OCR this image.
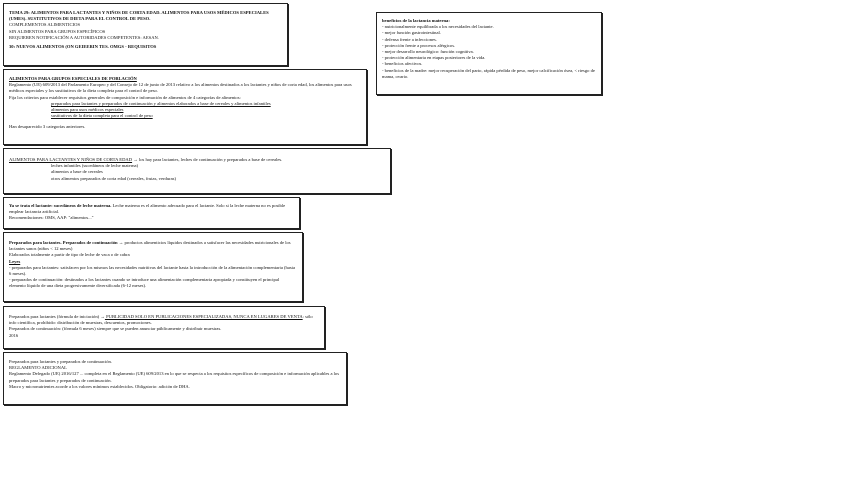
TEMA 29: ALIMENTOS PARA LACTANTES Y NIÑOS DE CORTA EDAD. ALIMENTOS PARA USOS MÉDICOS ESPECIALES (UMES). SUSTITUTIVOS DE DIETA PARA EL CONTROL DE PESO.

COMPLEMENTOS ALIMENTICIOS

SIN ALIMENTOS PARA GRUPOS ESPECÍFICOS

REQUIEREN NOTIFICACIÓN A AUTORIDADES COMPETENTES: AESAN.

30: NUEVOS ALIMENTOS (ON GEIEERIN TES. OMGS - REQUISITOS

ALIMENTOS PARA GRUPOS ESPECIALES DE POBLACIÓN

Reglamento (UE) 609/2013 del Parlamento Europeo y del Consejo de 12 de junio de 2013 relativo a los alimentos destinados a los lactantes y niños de corta edad, los alimentos para usos médicos especiales y los sustitutivos de la dieta completa para el control de peso.

Fija los criterios para establecer requisitos generales de composición e información de alimentos de 4 categorías de alimentos:

preparados para lactantes y preparados de continuación y alimentos elaborados a base de cereales y alimentos infantiles
alimentos para usos médicos especiales
sustitutivos de la dieta completa para el control de peso

Han desaparecido 3 categorías anteriores.

ALIMENTOS PARA LACTANTES Y NIÑOS DE CORTA EDAD → los hay para lactantes, leches de continuación y preparados a base de cereales.

leches infantiles (sucedáneos de leche materna)
alimentos a base de cereales
otros alimentos preparados de corta edad (cereales, frutas, verduras)

Ya se trata el lactante: sucedáneos de leche materna. Leche materna es el alimento adecuado para el lactante. Solo si la leche materna no es posible emplear lactancia artificial.

Recomendaciones: OMS, AAP: "alimentos..."

Preparados para lactantes. Preparados de continuación → productos alimenticios líquidos destinados a satisfacer las necesidades nutricionales de los lactantes sanos (niños < 12 meses)

Elaborados totalmente a partir de tipo de leche de vaca o de cabra

Leyes

- preparados para lactantes: satisfacen por los mismos las necesidades nutritivas del lactante hasta la introducción de la alimentación complementaria (hasta 6 meses).

- preparados de continuación: destinados a los lactantes cuando se introduce una alimentación complementaria apropiada y constituyen el principal elemento líquido de una dieta progresivamente diversificada (6-12 meses).

Preparados para lactantes (fórmula de iniciación) → PUBLICIDAD SOLO EN PUBLICACIONES ESPECIALIZADAS, NUNCA EN LUGARES DE VENTA: sólo info científica, prohibido: distribución de muestras, descuentos, promociones.

Preparados de continuación: (fórmula 6 meses) siempre que se pueden anunciar públicamente y distribuir muestras.

2016

Preparados para lactantes y preparados de continuación.

REGLAMENTO ADICIONAL

Reglamento Delegado (UE) 2016/127 ... completa en el Reglamento (UE) 609/2013 en lo que se respecta a los requisitos específicos de composición e información aplicables a los preparados para lactantes y preparados de continuación.

Macro y micronutrientes acorde a los valores mínimos establecidos. Obligatorio: adición de DHA.

beneficios de la lactancia materna:

- nutricionalmente equilibrada a los necesidades del lactante.
- mejor función gastrointestinal.
- defensa frente a infecciones.
- protección frente a procesos alérgicos.
- mejor desarrollo neurológico: función cognitiva.
- protección alimentaria en etapas posteriores de la vida.
- beneficios afectivos.
- beneficios de la madre: mejor recuperación del parto, rápida pérdida de peso, mejor calcificación ósea, < riesgo de mama, ovario.
